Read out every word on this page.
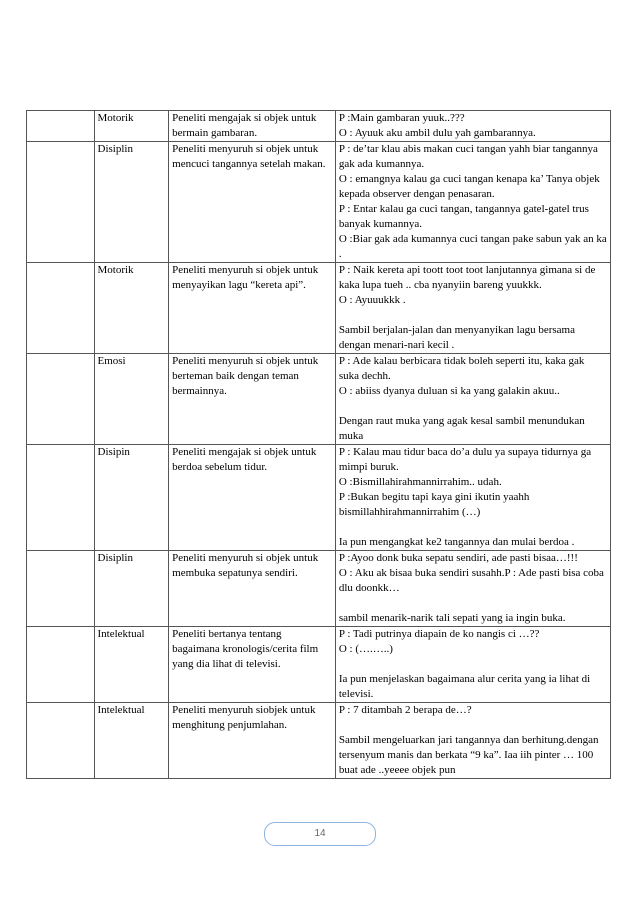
	Motorik	Peneliti mengajak si objek untuk bermain gambaran.	P :Main gambaran yuuk..???
O : Ayuuk aku ambil dulu yah gambarannya.

	Disiplin	Peneliti menyuruh si objek untuk mencuci tangannya setelah makan.	P : de’tar klau abis makan cuci tangan yahh biar tangannya gak ada kumannya.
O : emangnya kalau ga cuci tangan kenapa ka’ Tanya objek kepada observer dengan penasaran.
P : Entar kalau ga cuci tangan, tangannya gatel-gatel trus banyak kumannya.
O :Biar gak ada kumannya cuci tangan pake sabun yak an ka .

	Motorik	Peneliti menyuruh si objek untuk menyayikan lagu “kereta api”.	P : Naik kereta api toott toot toot lanjutannya gimana si de kaka lupa tueh .. cba nyanyiin bareng yuukkk.
O : Ayuuukkk .
Sambil berjalan-jalan dan menyanyikan lagu bersama dengan menari-nari kecil .

	Emosi	Peneliti menyuruh si objek untuk berteman baik dengan teman bermainnya.	P : Ade kalau berbicara tidak boleh seperti itu, kaka gak suka dechh.
O : abiiss dyanya duluan si ka yang galakin akuu..
Dengan raut muka yang agak kesal sambil menundukan muka

	Disipin	Peneliti mengajak si objek untuk berdoa sebelum tidur.	P : Kalau mau tidur baca do’a dulu ya supaya tidurnya ga mimpi buruk.
O :Bismillahirahmannirrahim.. udah.
P :Bukan begitu tapi kaya gini ikutin yaahh bismillahhirahmannirrahim (…)
Ia pun mengangkat ke2 tangannya dan mulai berdoa .

	Disiplin	Peneliti menyuruh si objek untuk membuka sepatunya sendiri.	P :Ayoo donk buka sepatu sendiri, ade pasti bisaa…!!!
O : Aku ak bisaa buka sendiri susahh.P : Ade pasti bisa coba dlu doonkk…
sambil menarik-narik tali sepati yang ia ingin buka.

	Intelektual	Peneliti bertanya tentang bagaimana kronologis/cerita film yang dia lihat di televisi.	P : Tadi putrinya diapain de ko nangis ci …??
O : (….…..)
Ia pun menjelaskan bagaimana alur cerita yang ia lihat di televisi.

	Intelektual	Peneliti menyuruh siobjek untuk menghitung penjumlahan.	P : 7 ditambah 2 berapa de…?
Sambil mengeluarkan jari tangannya dan berhitung.dengan tersenyum manis dan berkata “9 ka”. Iaa iih pinter … 100 buat ade ..yeeee objek pun
14
